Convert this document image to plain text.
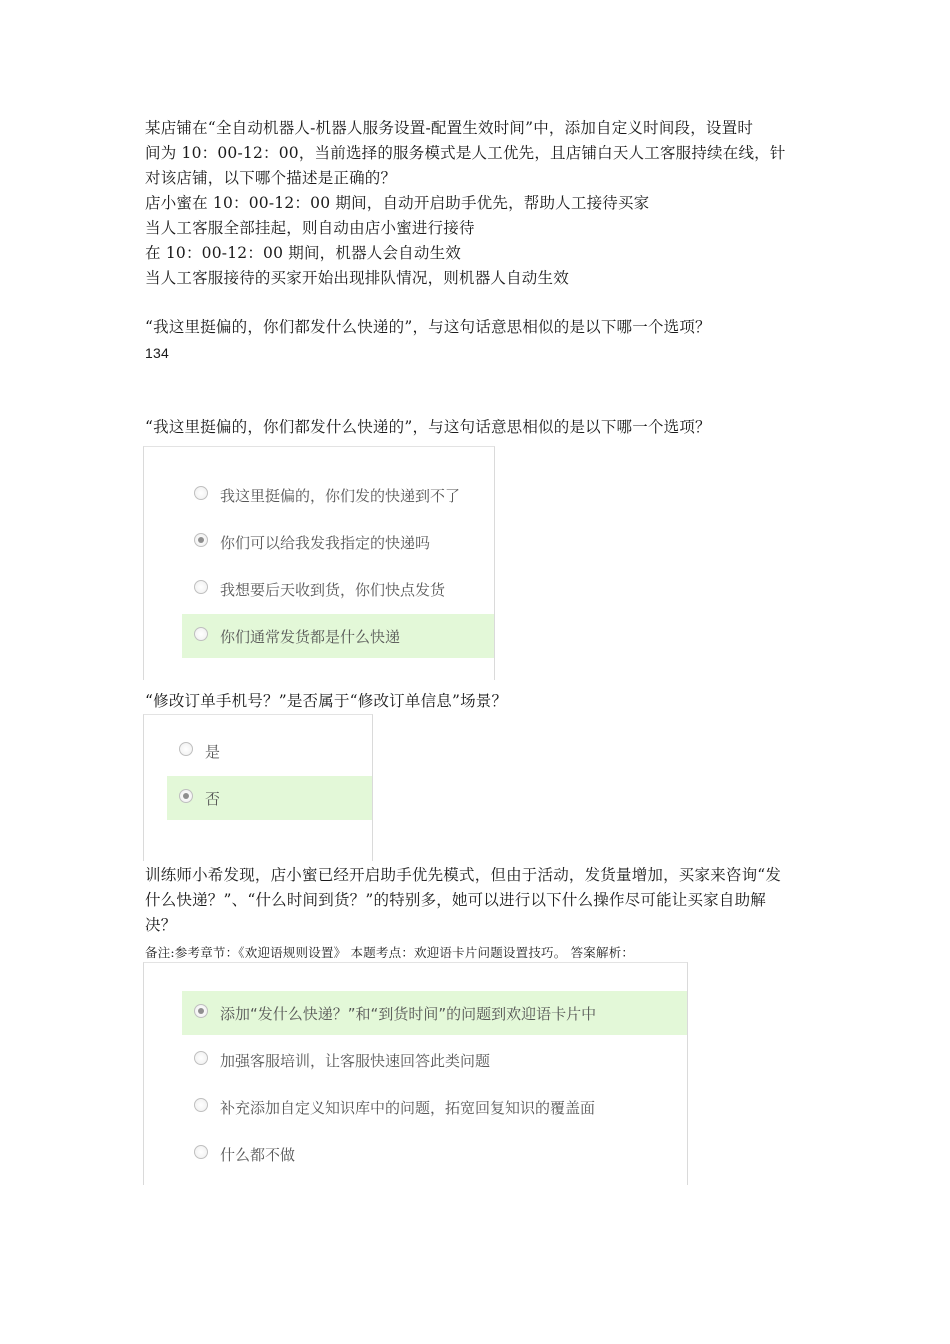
某店铺在“全自动机器人-机器人服务设置-配置生效时间”中，添加自定义时间段，设置时
间为 10：00-12：00，当前选择的服务模式是人工优先，且店铺白天人工客服持续在线，针
对该店铺，以下哪个描述是正确的？
店小蜜在 10：00-12：00 期间，自动开启助手优先，帮助人工接待买家
当人工客服全部挂起，则自动由店小蜜进行接待
在 10：00-12：00 期间，机器人会自动生效
当人工客服接待的买家开始出现排队情况，则机器人自动生效
“我这里挺偏的，你们都发什么快递的”，与这句话意思相似的是以下哪一个选项？
134
“我这里挺偏的，你们都发什么快递的”，与这句话意思相似的是以下哪一个选项？
我这里挺偏的，你们发的快递到不了
你们可以给我发我指定的快递吗
我想要后天收到货，你们快点发货
你们通常发货都是什么快递
“修改订单手机号？”是否属于“修改订单信息”场景？
是
否
训练师小希发现，店小蜜已经开启助手优先模式，但由于活动，发货量增加，买家来咨询“发
什么快递？”、“什么时间到货？”的特别多，她可以进行以下什么操作尽可能让买家自助解
决？
备注:参考章节：《欢迎语规则设置》 本题考点：欢迎语卡片问题设置技巧。 答案解析：
添加“发什么快递？”和“到货时间”的问题到欢迎语卡片中
加强客服培训，让客服快速回答此类问题
补充添加自定义知识库中的问题，拓宽回复知识的覆盖面
什么都不做
